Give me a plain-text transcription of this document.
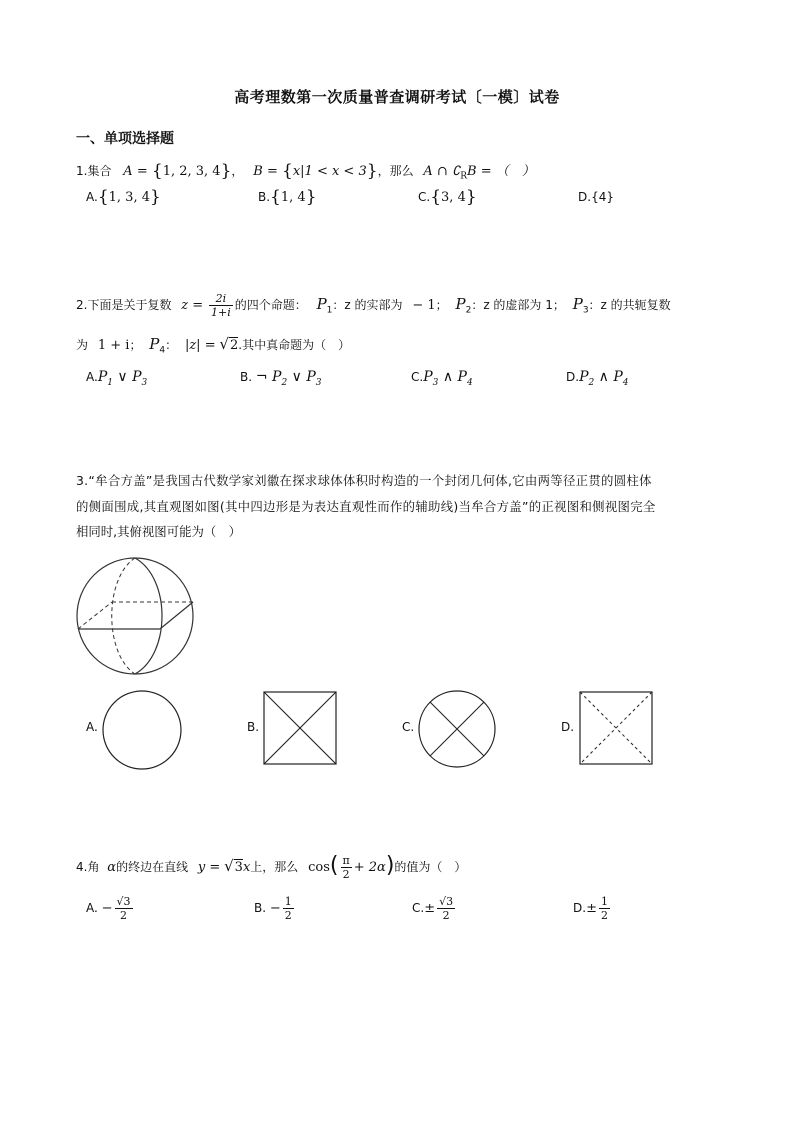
高考理数第一次质量普查调研考试〔一模〕试卷
一、单项选择题
1.集合 A = {1, 2, 3, 4}， B = {x|1 < x < 3}，那么 A ∩ $∁_RB$ = （　）
A.{1, 3, 4}	B.{1, 4}	C.{3, 4}	D.{4}
2.下面是关于复数 $z = \frac{2i}{1+i}$ 的四个命题： $P_1$：z 的实部为 − 1； $P_2$：z 的虚部为 1； $P_3$：z 的共轭复数
为 1 + i； $P_4$： |z| = √2.其中真命题为（　）
$A.P_1$ ∨ $P_3$	B. ¬ $P_2$ ∨ $P_3$	$C.P_3$ ∧ $P_4$	$D.P_2$ ∧ $P_4$
3.“牟合方盖”是我国古代数学家刘徽在探求球体体积时构造的一个封闭几何体,它由两等径正贯的圆柱体
的侧面围成,其直观图如图(其中四边形是为表达直观性而作的辅助线)当牟合方盖”的正视图和侧视图完全
相同时,其俯视图可能为（　）
A.	B.	C.	D.
4.角 α的终边在直线 y = √3x上，那么 $\cos( \frac{\pi}{2} + 2\alpha)$的值为（　）
A. − $\frac{√3}{2}$	B. − $\frac{1}{2}$	$C.\pm \frac{√3}{2}$	$D.\pm \frac{1}{2}$
